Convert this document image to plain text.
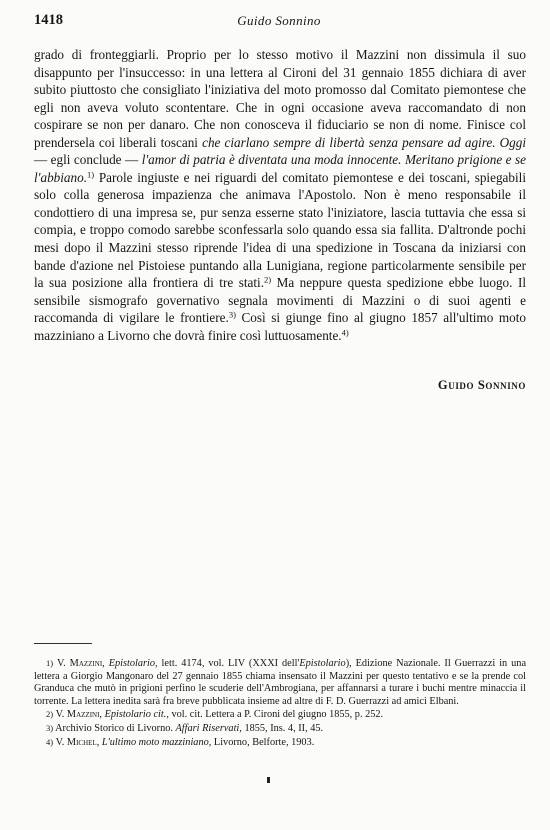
1418	Guido Sonnino

grado di fronteggiarli. Proprio per lo stesso motivo il Mazzini non dissimula il suo disappunto per l'insuccesso: in una lettera al Cironi del 31 gennaio 1855 dichiara di aver subito piuttosto che consigliato l'iniziativa del moto promosso dal Comitato piemontese che egli non aveva voluto scontentare. Che in ogni occasione aveva raccomandato di non cospirare se non per danaro. Che non conosceva il fiduciario se non di nome. Finisce col prendersela coi liberali toscani che ciarlano sempre di libertà senza pensare ad agire. Oggi — egli conclude — l'amor di patria è diventata una moda innocente. Meritano prigione e se l'abbiano.$^{1)}$ Parole ingiuste e nei riguardi del comitato piemontese e dei toscani, spiegabili solo colla generosa impazienza che animava l'Apostolo. Non è meno responsabile il condottiero di una impresa se, pur senza esserne stato l'iniziatore, lascia tuttavia che essa si compia, e troppo comodo sarebbe sconfessarla solo quando essa sia fallita. D'altronde pochi mesi dopo il Mazzini stesso riprende l'idea di una spedizione in Toscana da iniziarsi con bande d'azione nel Pistoiese puntando alla Lunigiana, regione particolarmente sensibile per la sua posizione alla frontiera di tre stati.$^{2)}$ Ma neppure questa spedizione ebbe luogo. Il sensibile sismografo governativo segnala movimenti di Mazzini o di suoi agenti e raccomanda di vigilare le frontiere.$^{3)}$ Così si giunge fino al giugno 1857 all'ultimo moto mazziniano a Livorno che dovrà finire così luttuosamente.$^{4)}$

Guido Sonnino

1) V. Mazzini, Epistolario, lett. 4174, vol. LIV (XXXI dell'Epistolario), Edizione Nazionale. Il Guerrazzi in una lettera a Giorgio Mangonaro del 27 gennaio 1855 chiama insensato il Mazzini per questo tentativo e se la prende col Granduca che mutò in prigioni perfino le scuderie dell'Ambrogiana, per affannarsi a turare i buchi mentre minaccia il torrente. La lettera inedita sarà fra breve pubblicata insieme ad altre di F. D. Guerrazzi ad amici Elbani.

2) V. Mazzini, Epistolario cit., vol. cit. Lettera a P. Cironi del giugno 1855, p. 252.

3) Archivio Storico di Livorno. Affari Riservati, 1855, Ins. 4, II, 45.

4) V. Michel, L'ultimo moto mazziniano, Livorno, Belforte, 1903.
